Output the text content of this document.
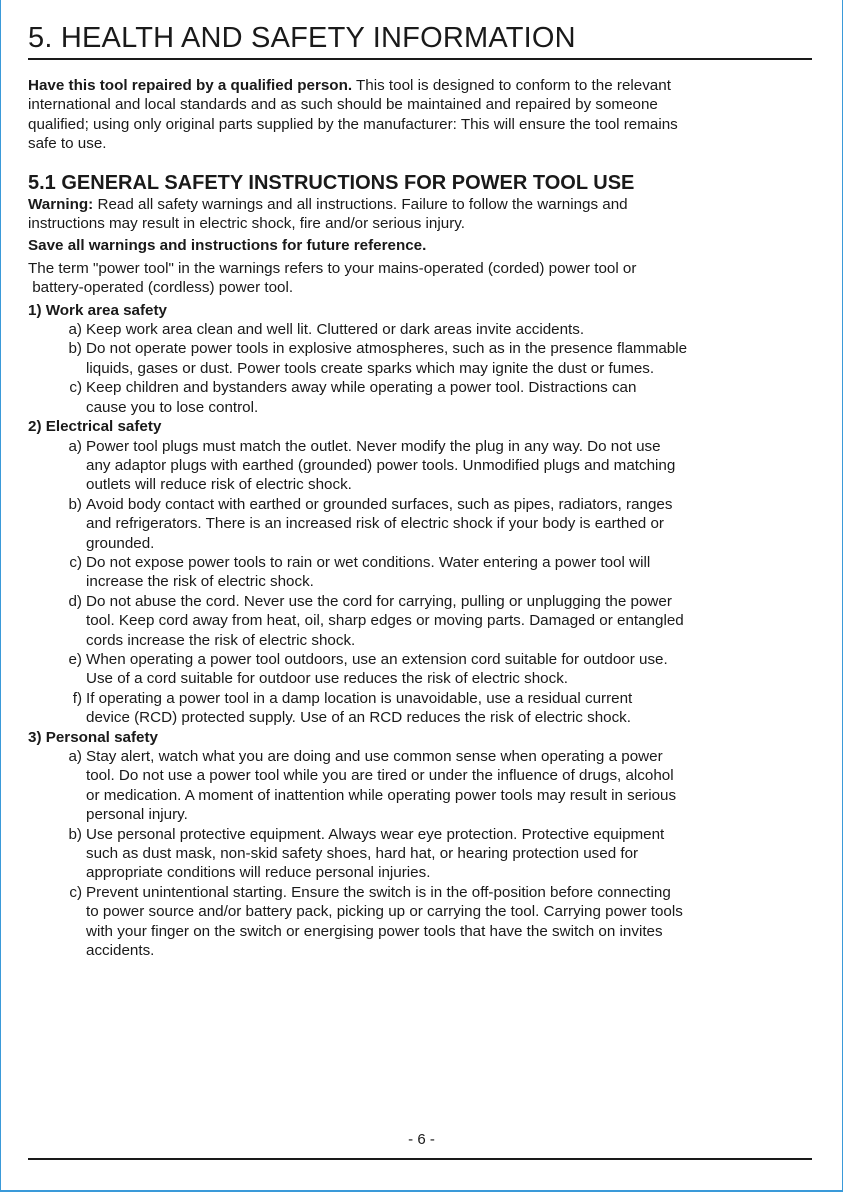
5. HEALTH AND SAFETY INFORMATION

Have this tool repaired by a qualified person. This tool is designed to conform to the relevant
international and local standards and as such should be maintained and repaired by someone
qualified; using only original parts supplied by the manufacturer: This will ensure the tool remains
safe to use.

5.1 GENERAL SAFETY INSTRUCTIONS FOR POWER TOOL USE

Warning: Read all safety warnings and all instructions. Failure to follow the warnings and
instructions may result in electric shock, fire and/or serious injury.

Save all warnings and instructions for future reference.

The term "power tool" in the warnings refers to your mains-operated (corded) power tool or
battery-operated (cordless) power tool.

1) Work area safety

a) Keep work area clean and well lit. Cluttered or dark areas invite accidents.
b) Do not operate power tools in explosive atmospheres, such as in the presence flammable
liquids, gases or dust. Power tools create sparks which may ignite the dust or fumes.
c) Keep children and bystanders away while operating a power tool. Distractions can
cause you to lose control.

2) Electrical safety

a) Power tool plugs must match the outlet. Never modify the plug in any way. Do not use
any adaptor plugs with earthed (grounded) power tools. Unmodified plugs and matching
outlets will reduce risk of electric shock.
b) Avoid body contact with earthed or grounded surfaces, such as pipes, radiators, ranges
and refrigerators. There is an increased risk of electric shock if your body is earthed or
grounded.
c) Do not expose power tools to rain or wet conditions. Water entering a power tool will
increase the risk of electric shock.
d) Do not abuse the cord. Never use the cord for carrying, pulling or unplugging the power
tool. Keep cord away from heat, oil, sharp edges or moving parts. Damaged or entangled
cords increase the risk of electric shock.
e) When operating a power tool outdoors, use an extension cord suitable for outdoor use.
Use of a cord suitable for outdoor use reduces the risk of electric shock.
f) If operating a power tool in a damp location is unavoidable, use a residual current
device (RCD) protected supply. Use of an RCD reduces the risk of electric shock.

3) Personal safety

a) Stay alert, watch what you are doing and use common sense when operating a power
tool. Do not use a power tool while you are tired or under the influence of drugs, alcohol
or medication. A moment of inattention while operating power tools may result in serious
personal injury.
b) Use personal protective equipment. Always wear eye protection. Protective equipment
such as dust mask, non-skid safety shoes, hard hat, or hearing protection used for
appropriate conditions will reduce personal injuries.
c) Prevent unintentional starting. Ensure the switch is in the off-position before connecting
to power source and/or battery pack, picking up or carrying the tool. Carrying power tools
with your finger on the switch or energising power tools that have the switch on invites
accidents.
- 6 -
